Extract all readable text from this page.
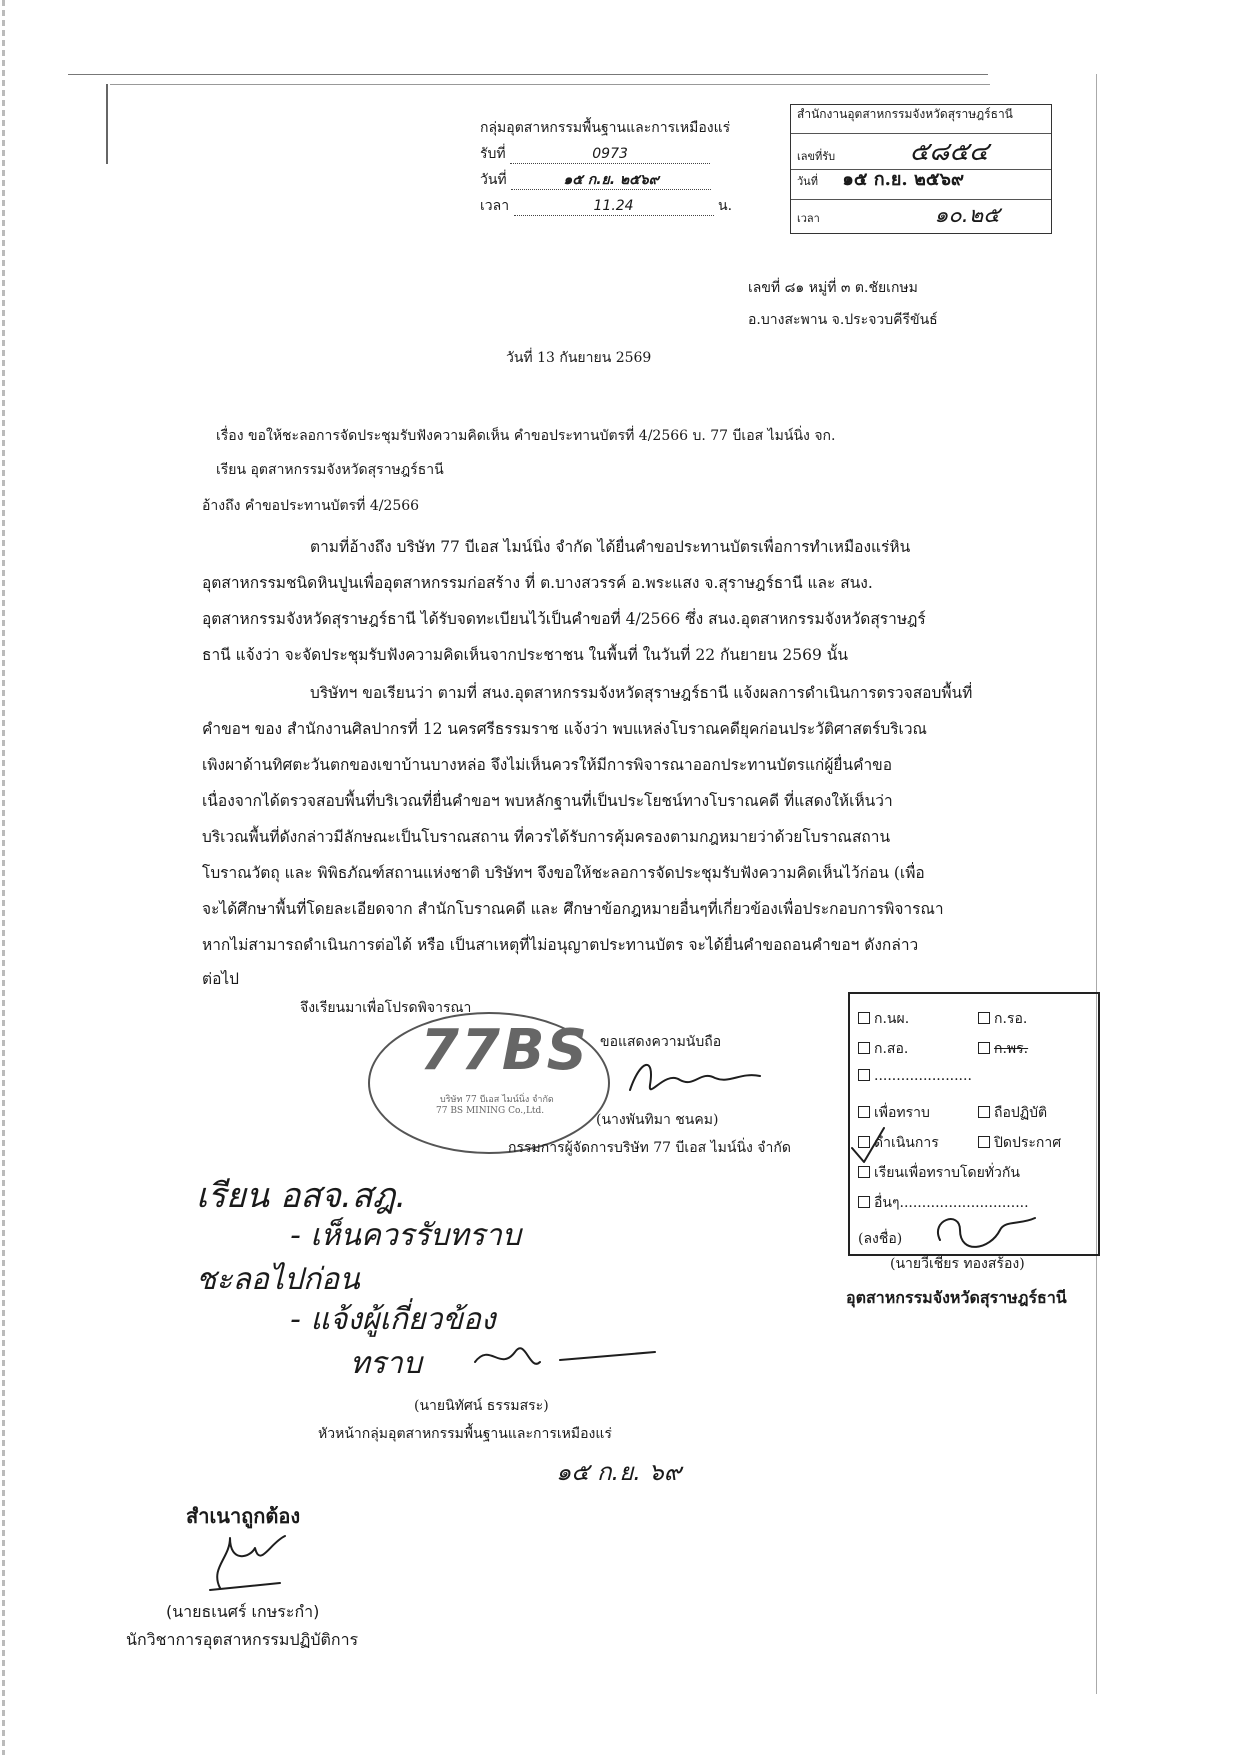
กลุ่มอุตสาหกรรมพื้นฐานและการเหมืองแร่
รับที่	0973
วันที่	๑๕ ก.ย. ๒๕๖๙
เวลา	11.24	น.
สำนักงานอุตสาหกรรมจังหวัดสุราษฎร์ธานี
เลขที่รับ	๕๘๕๔
วันที่ ๑๕ ก.ย. ๒๕๖๙
เวลา	๑๐.๒๕
เลขที่ ๘๑ หมู่ที่ ๓ ต.ชัยเกษม
อ.บางสะพาน จ.ประจวบคีรีขันธ์
วันที่ 13 กันยายน 2569
เรื่อง ขอให้ชะลอการจัดประชุมรับฟังความคิดเห็น คำขอประทานบัตรที่ 4/2566 บ. 77 บีเอส ไมน์นิ่ง จก.
เรียน อุตสาหกรรมจังหวัดสุราษฎร์ธานี
อ้างถึง คำขอประทานบัตรที่ 4/2566
ตามที่อ้างถึง บริษัท 77 บีเอส ไมน์นิ่ง จำกัด ได้ยื่นคำขอประทานบัตรเพื่อการทำเหมืองแร่หิน
อุตสาหกรรมชนิดหินปูนเพื่ออุตสาหกรรมก่อสร้าง ที่ ต.บางสวรรค์ อ.พระแสง จ.สุราษฎร์ธานี และ สนง.
อุตสาหกรรมจังหวัดสุราษฎร์ธานี ได้รับจดทะเบียนไว้เป็นคำขอที่ 4/2566 ซึ่ง สนง.อุตสาหกรรมจังหวัดสุราษฎร์
ธานี แจ้งว่า จะจัดประชุมรับฟังความคิดเห็นจากประชาชน ในพื้นที่ ในวันที่ 22 กันยายน 2569 นั้น
บริษัทฯ ขอเรียนว่า ตามที่ สนง.อุตสาหกรรมจังหวัดสุราษฎร์ธานี แจ้งผลการดำเนินการตรวจสอบพื้นที่
คำขอฯ ของ สำนักงานศิลปากรที่ 12 นครศรีธรรมราช แจ้งว่า พบแหล่งโบราณคดียุคก่อนประวัติศาสตร์บริเวณ
เพิงผาด้านทิศตะวันตกของเขาบ้านบางหล่อ จึงไม่เห็นควรให้มีการพิจารณาออกประทานบัตรแก่ผู้ยื่นคำขอ
เนื่องจากได้ตรวจสอบพื้นที่บริเวณที่ยื่นคำขอฯ พบหลักฐานที่เป็นประโยชน์ทางโบราณคดี ที่แสดงให้เห็นว่า
บริเวณพื้นที่ดังกล่าวมีลักษณะเป็นโบราณสถาน ที่ควรได้รับการคุ้มครองตามกฎหมายว่าด้วยโบราณสถาน
โบราณวัตถุ และ พิพิธภัณฑ์สถานแห่งชาติ บริษัทฯ จึงขอให้ชะลอการจัดประชุมรับฟังความคิดเห็นไว้ก่อน (เพื่อ
จะได้ศึกษาพื้นที่โดยละเอียดจาก สำนักโบราณคดี และ ศึกษาข้อกฎหมายอื่นๆที่เกี่ยวข้องเพื่อประกอบการพิจารณา
หากไม่สามารถดำเนินการต่อได้ หรือ เป็นสาเหตุที่ไม่อนุญาตประทานบัตร จะได้ยื่นคำขอถอนคำขอฯ ดังกล่าว
ต่อไป
จึงเรียนมาเพื่อโปรดพิจารณา
77BS
บริษัท 77 บีเอส ไมน์นิ่ง จำกัด
77 BS MINING Co.,Ltd.
ขอแสดงความนับถือ
(นางพันทิมา ชนคม)
กรรมการผู้จัดการบริษัท 77 บีเอส ไมน์นิ่ง จำกัด
ก.นผ.	ก.รอ.
ก.สอ.	ก.พร.
......................
เพื่อทราบ	ถือปฏิบัติ
ดำเนินการ	ปิดประกาศ
เรียนเพื่อทราบโดยทั่วกัน
อื่นๆ.............................
(ลงชื่อ)
(นายวีเชียร ทองสร้อง)
อุตสาหกรรมจังหวัดสุราษฎร์ธานี
เรียน อสจ.สฎ.
- เห็นควรรับทราบ
ชะลอไปก่อน
- แจ้งผู้เกี่ยวข้อง
ทราบ
(นายนิทัศน์ ธรรมสระ)
หัวหน้ากลุ่มอุตสาหกรรมพื้นฐานและการเหมืองแร่
๑๕ ก.ย. ๖๙
สำเนาถูกต้อง
(นายธเนศร์ เกษระกำ)
นักวิชาการอุตสาหกรรมปฏิบัติการ
